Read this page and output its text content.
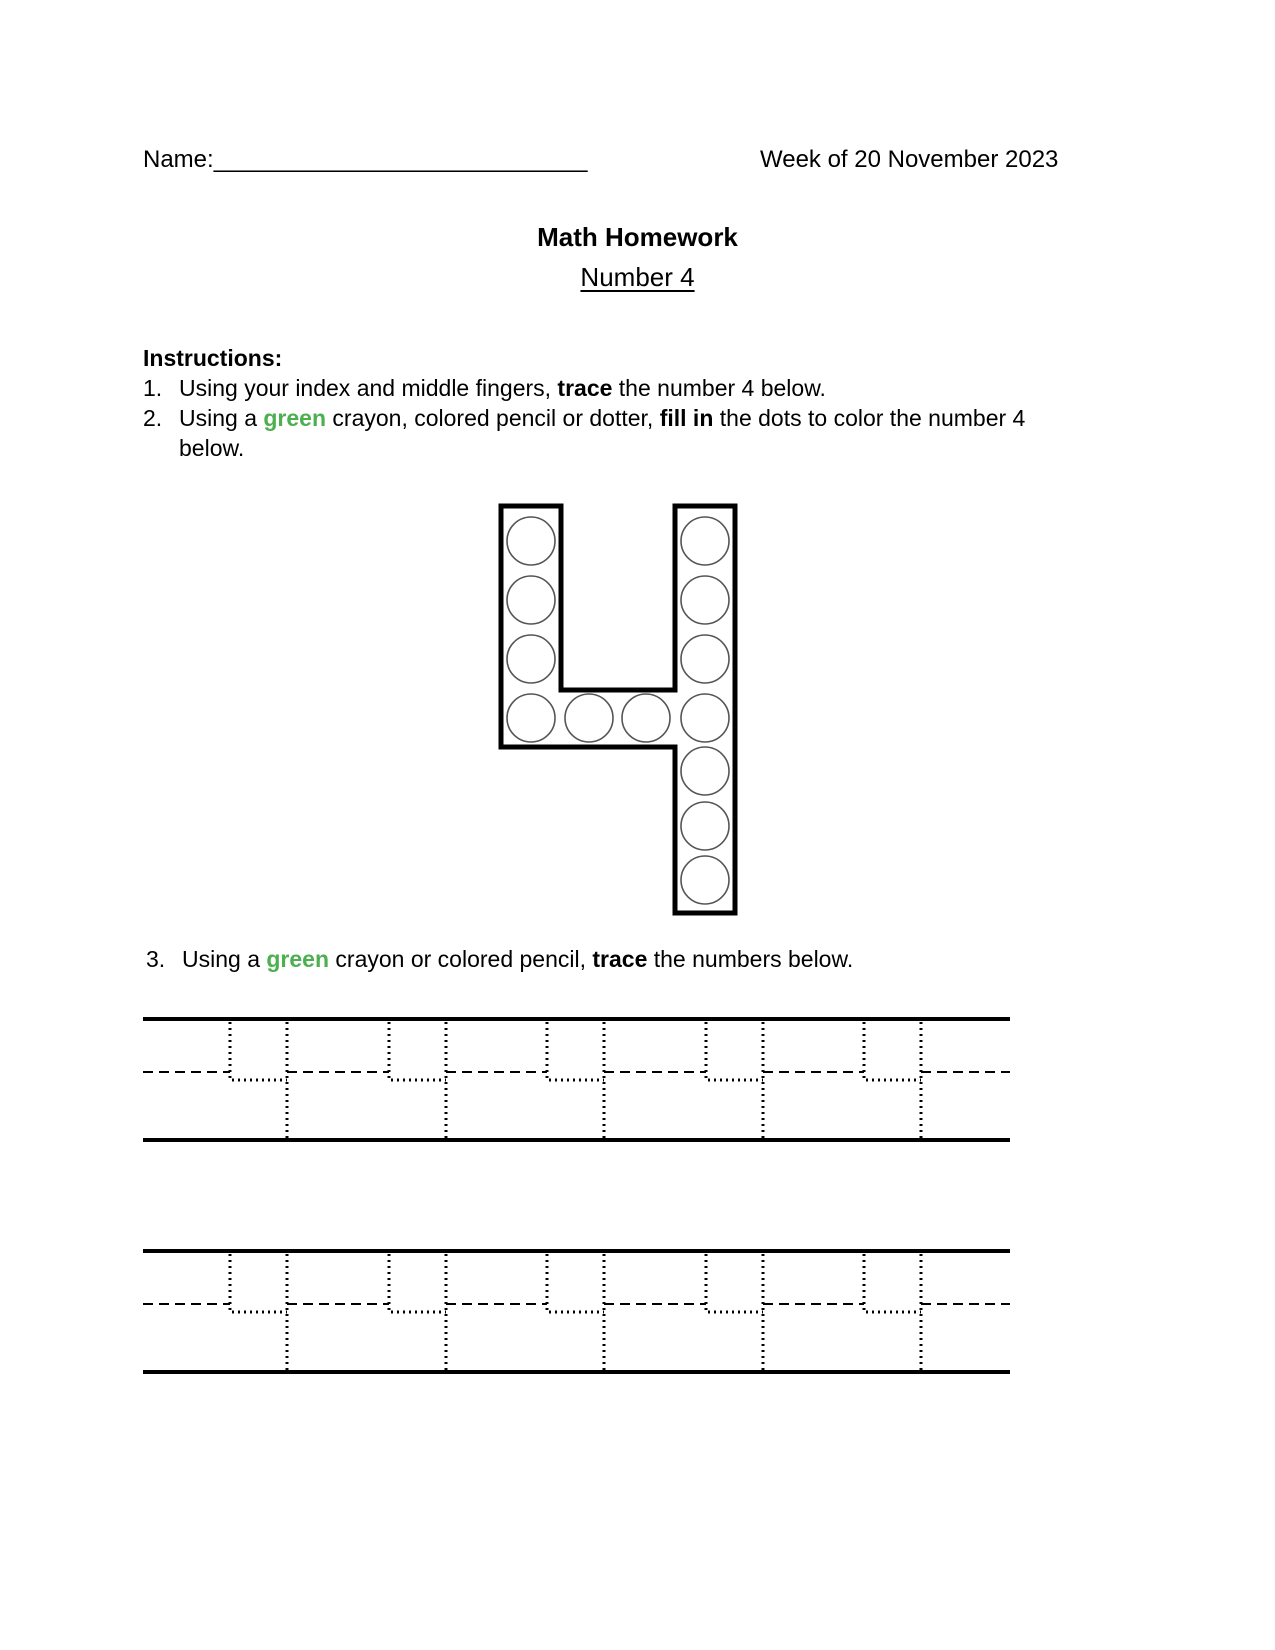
Name:____________________________	Week of 20 November 2023
Math Homework
Number 4
Instructions:
1. Using your index and middle fingers, trace the number 4 below.
2. Using a green crayon, colored pencil or dotter, fill in the dots to color the number 4
below.
3. Using a green crayon or colored pencil, trace the numbers below.
